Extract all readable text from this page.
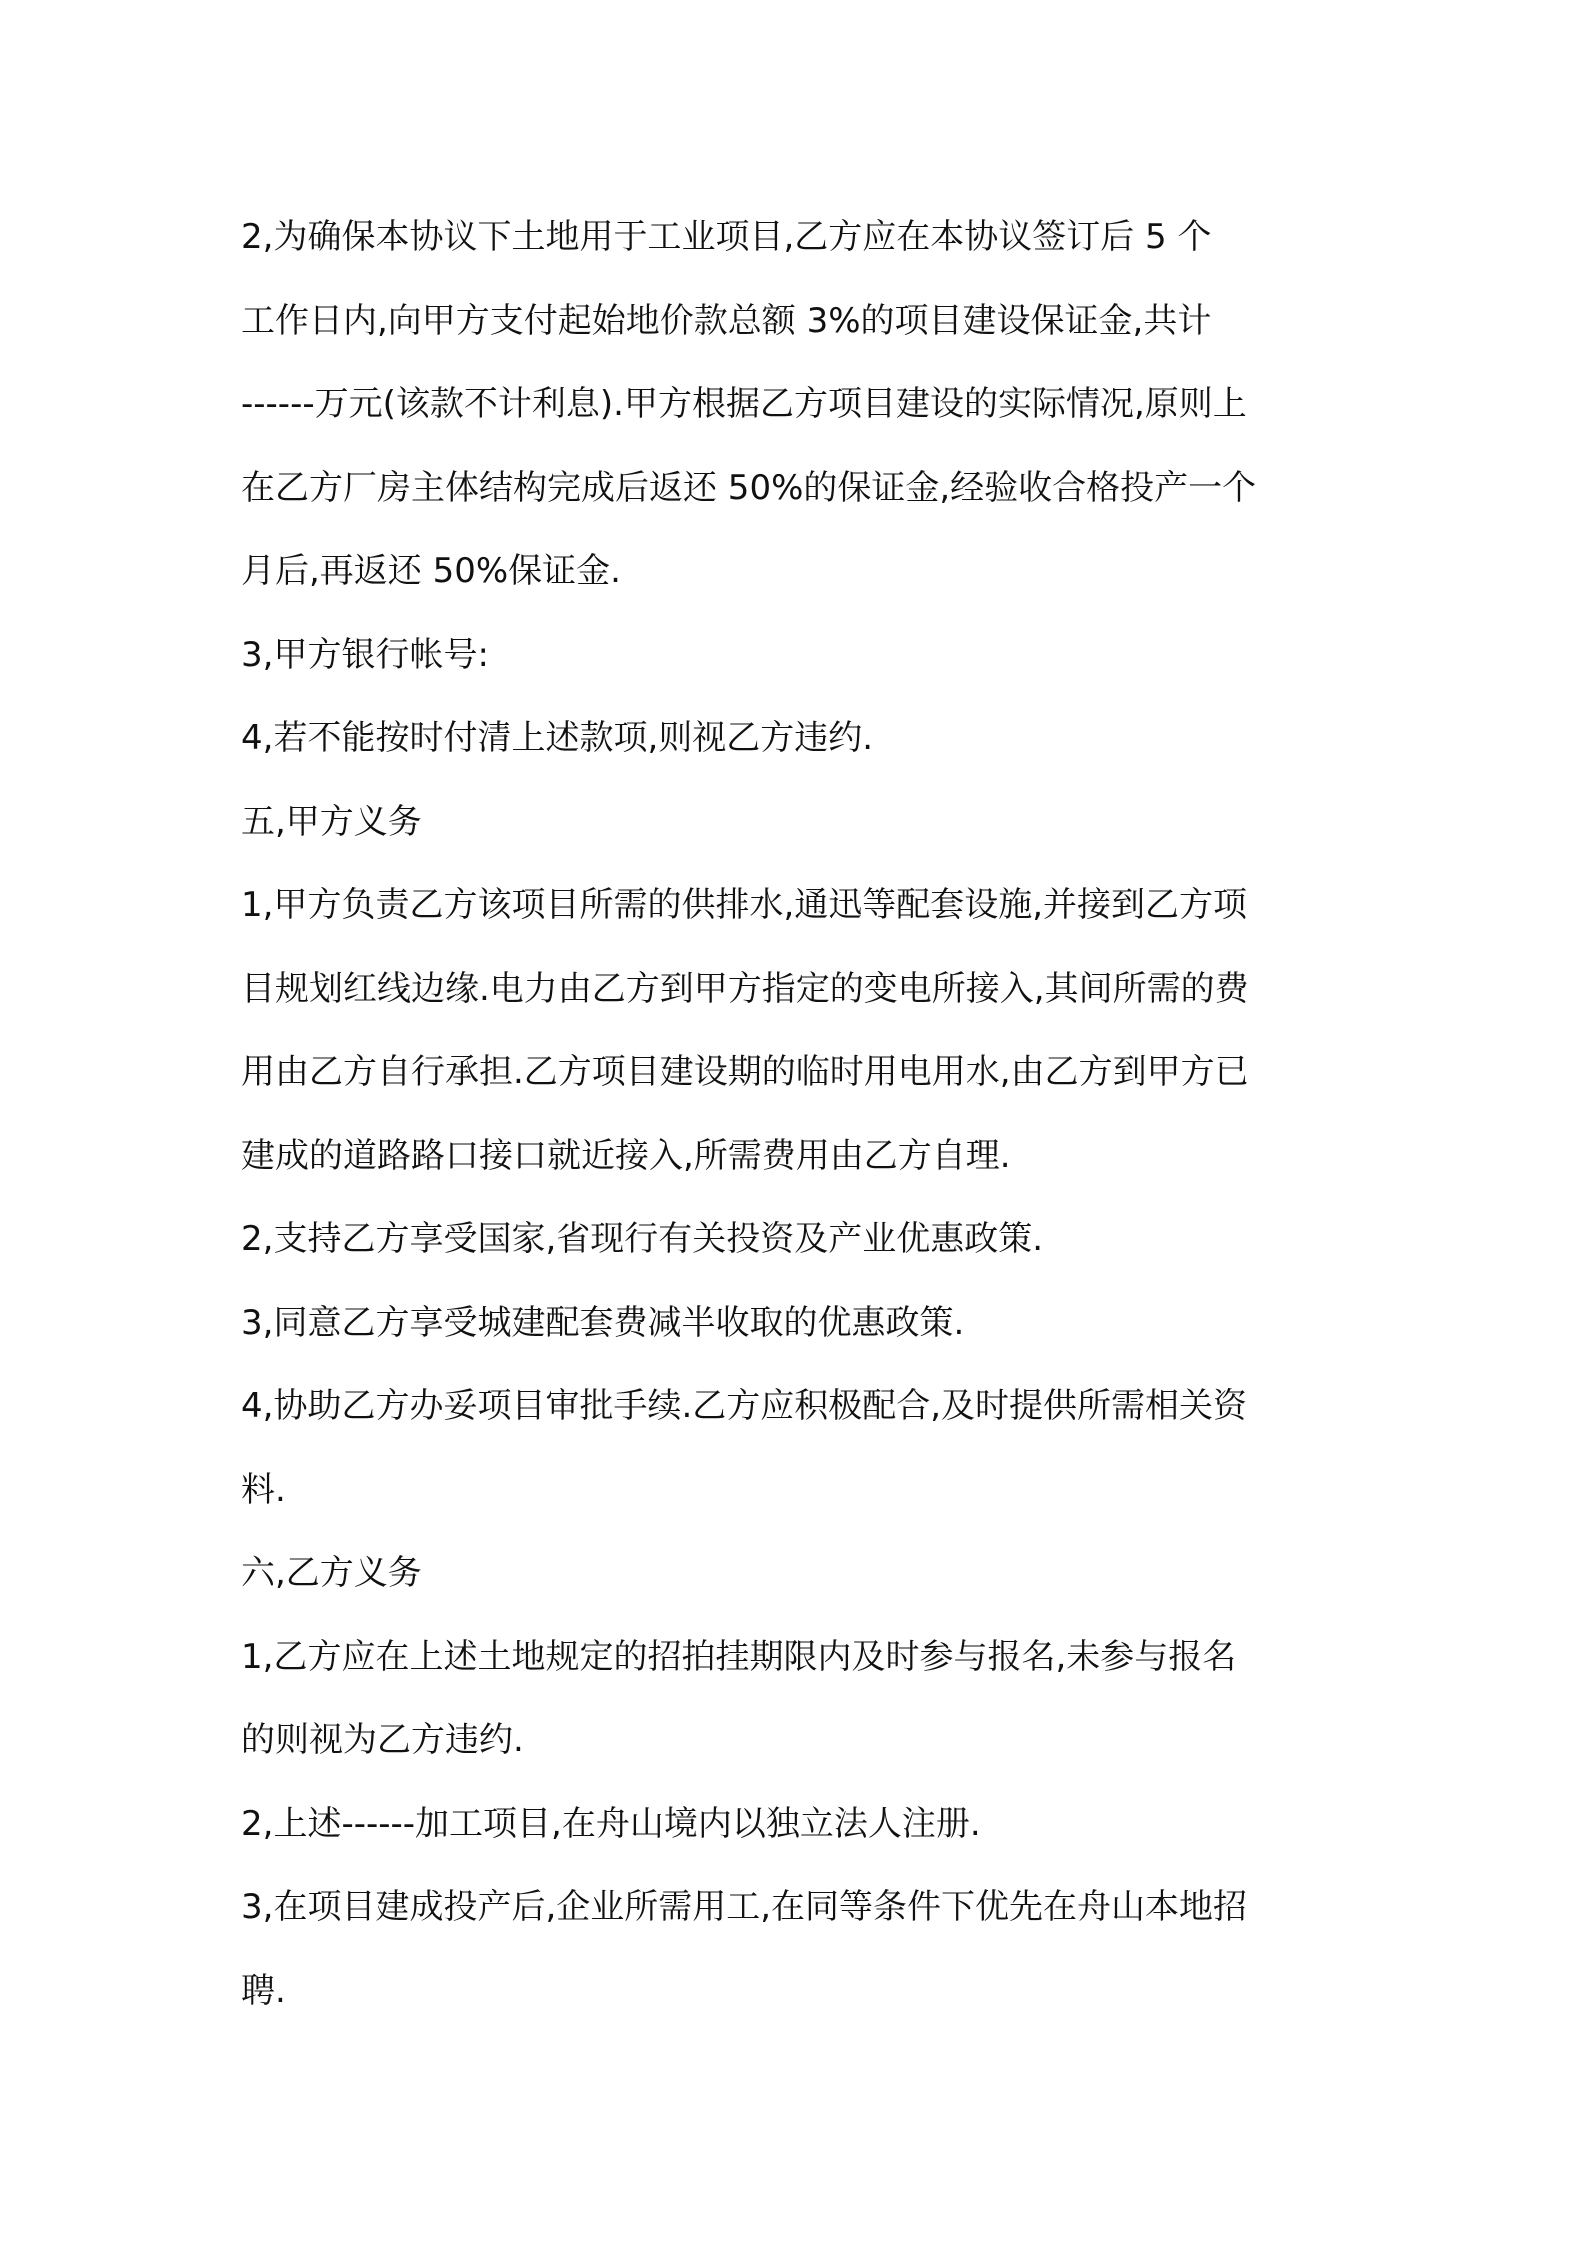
2,为确保本协议下土地用于工业项目,乙方应在本协议签订后 5 个
工作日内,向甲方支付起始地价款总额 3%的项目建设保证金,共计
------万元(该款不计利息).甲方根据乙方项目建设的实际情况,原则上
在乙方厂房主体结构完成后返还 50%的保证金,经验收合格投产一个
月后,再返还 50%保证金.
3,甲方银行帐号:
4,若不能按时付清上述款项,则视乙方违约.
五,甲方义务
1,甲方负责乙方该项目所需的供排水,通迅等配套设施,并接到乙方项
目规划红线边缘.电力由乙方到甲方指定的变电所接入,其间所需的费
用由乙方自行承担.乙方项目建设期的临时用电用水,由乙方到甲方已
建成的道路路口接口就近接入,所需费用由乙方自理.
2,支持乙方享受国家,省现行有关投资及产业优惠政策.
3,同意乙方享受城建配套费减半收取的优惠政策.
4,协助乙方办妥项目审批手续.乙方应积极配合,及时提供所需相关资
料.
六,乙方义务
1,乙方应在上述土地规定的招拍挂期限内及时参与报名,未参与报名
的则视为乙方违约.
2,上述------加工项目,在舟山境内以独立法人注册.
3,在项目建成投产后,企业所需用工,在同等条件下优先在舟山本地招
聘.
